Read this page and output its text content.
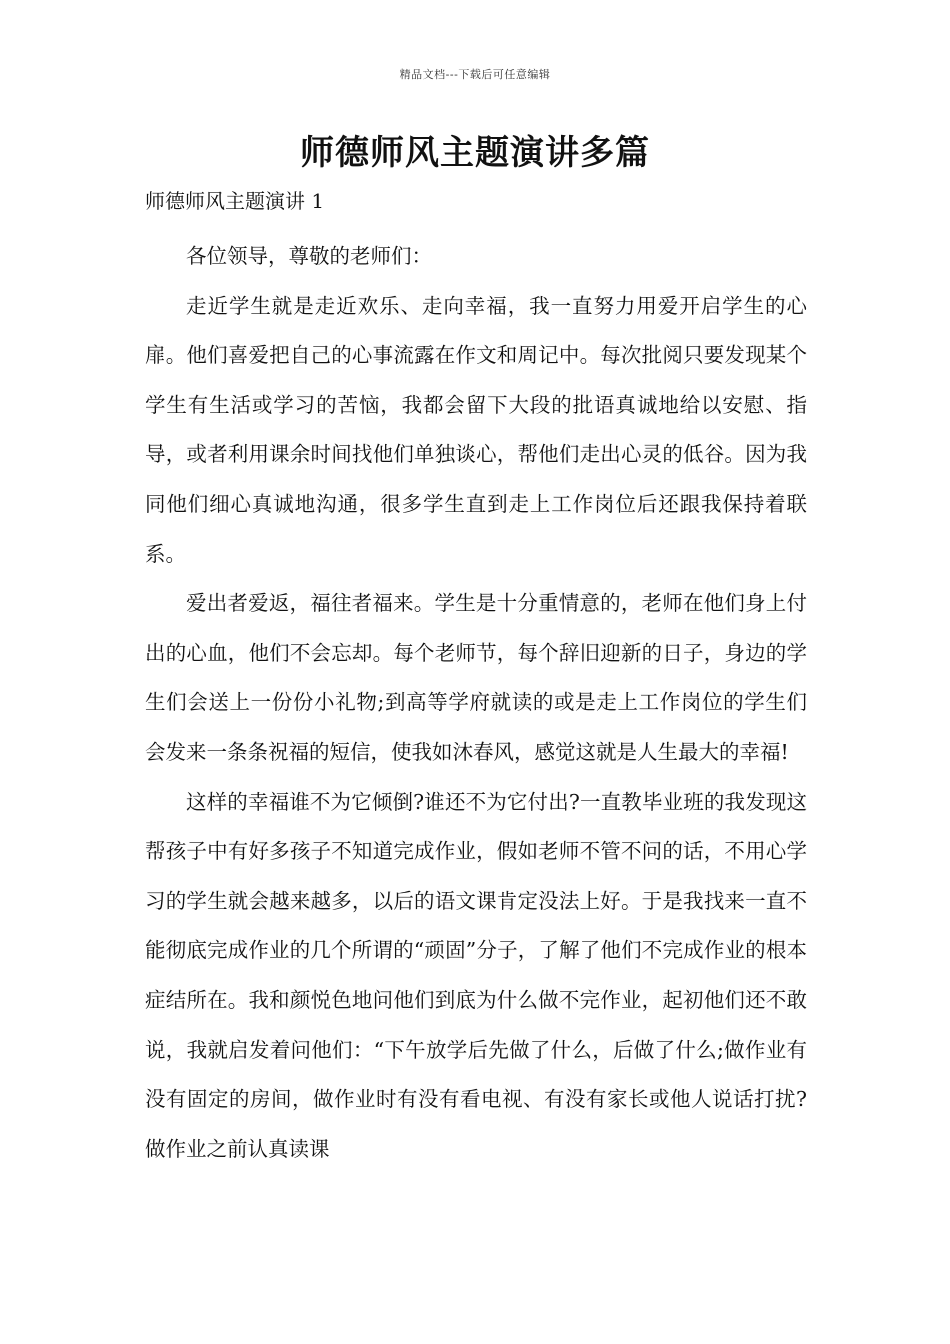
精品文档---下载后可任意编辑
师德师风主题演讲多篇
师德师风主题演讲 1

各位领导，尊敬的老师们：

走近学生就是走近欢乐、走向幸福，我一直努力用爱开启学生的心扉。他们喜爱把自己的心事流露在作文和周记中。每次批阅只要发现某个学生有生活或学习的苦恼，我都会留下大段的批语真诚地给以安慰、指导，或者利用课余时间找他们单独谈心，帮他们走出心灵的低谷。因为我同他们细心真诚地沟通，很多学生直到走上工作岗位后还跟我保持着联系。

爱出者爱返，福往者福来。学生是十分重情意的，老师在他们身上付出的心血，他们不会忘却。每个老师节，每个辞旧迎新的日子，身边的学生们会送上一份份小礼物;到高等学府就读的或是走上工作岗位的学生们会发来一条条祝福的短信，使我如沐春风，感觉这就是人生最大的幸福!

这样的幸福谁不为它倾倒?谁还不为它付出?一直教毕业班的我发现这帮孩子中有好多孩子不知道完成作业，假如老师不管不问的话，不用心学习的学生就会越来越多，以后的语文课肯定没法上好。于是我找来一直不能彻底完成作业的几个所谓的“顽固”分子，了解了他们不完成作业的根本症结所在。我和颜悦色地问他们到底为什么做不完作业，起初他们还不敢说，我就启发着问他们：“下午放学后先做了什么，后做了什么;做作业有没有固定的房间，做作业时有没有看电视、有没有家长或他人说话打扰?做作业之前认真读课
